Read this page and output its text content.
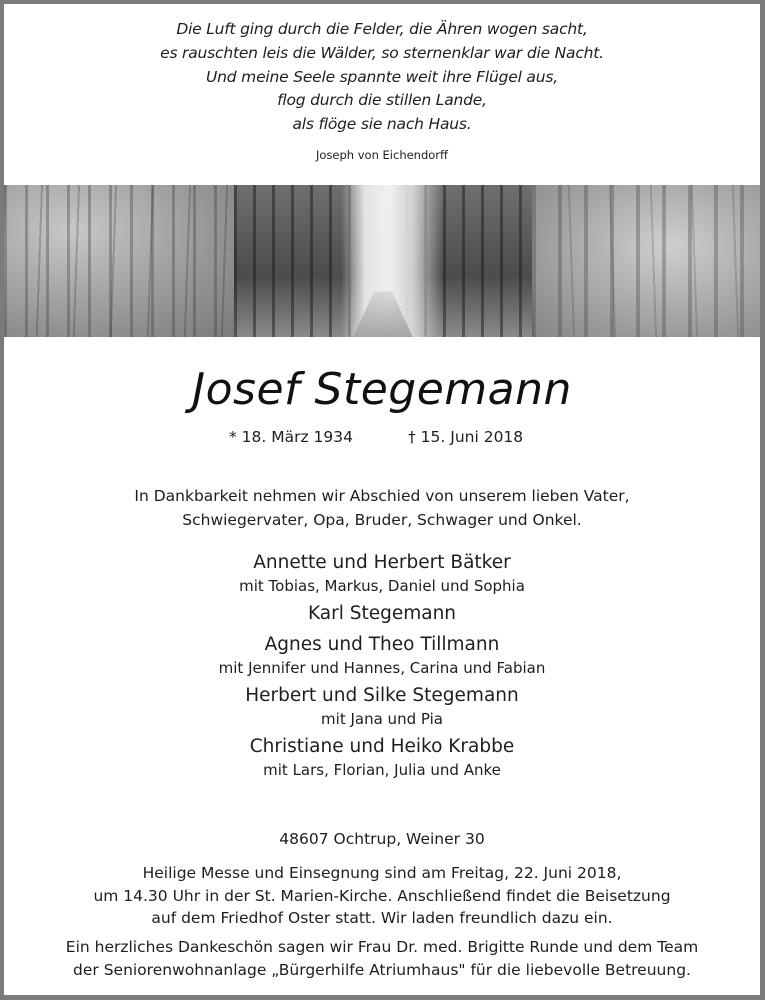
Die Luft ging durch die Felder, die Ähren wogen sacht,
es rauschten leis die Wälder, so sternenklar war die Nacht.
Und meine Seele spannte weit ihre Flügel aus,
flog durch die stillen Lande,
als flöge sie nach Haus.
Joseph von Eichendorff
Josef Stegemann
* 18. März 1934	† 15. Juni 2018
In Dankbarkeit nehmen wir Abschied von unserem lieben Vater,
Schwiegervater, Opa, Bruder, Schwager und Onkel.
Annette und Herbert Bätker
mit Tobias, Markus, Daniel und Sophia
Karl Stegemann
Agnes und Theo Tillmann
mit Jennifer und Hannes, Carina und Fabian
Herbert und Silke Stegemann
mit Jana und Pia
Christiane und Heiko Krabbe
mit Lars, Florian, Julia und Anke
48607 Ochtrup, Weiner 30
Heilige Messe und Einsegnung sind am Freitag, 22. Juni 2018,
um 14.30 Uhr in der St. Marien-Kirche. Anschließend findet die Beisetzung
auf dem Friedhof Oster statt. Wir laden freundlich dazu ein.
Ein herzliches Dankeschön sagen wir Frau Dr. med. Brigitte Runde und dem Team
der Seniorenwohnanlage „Bürgerhilfe Atriumhaus" für die liebevolle Betreuung.
